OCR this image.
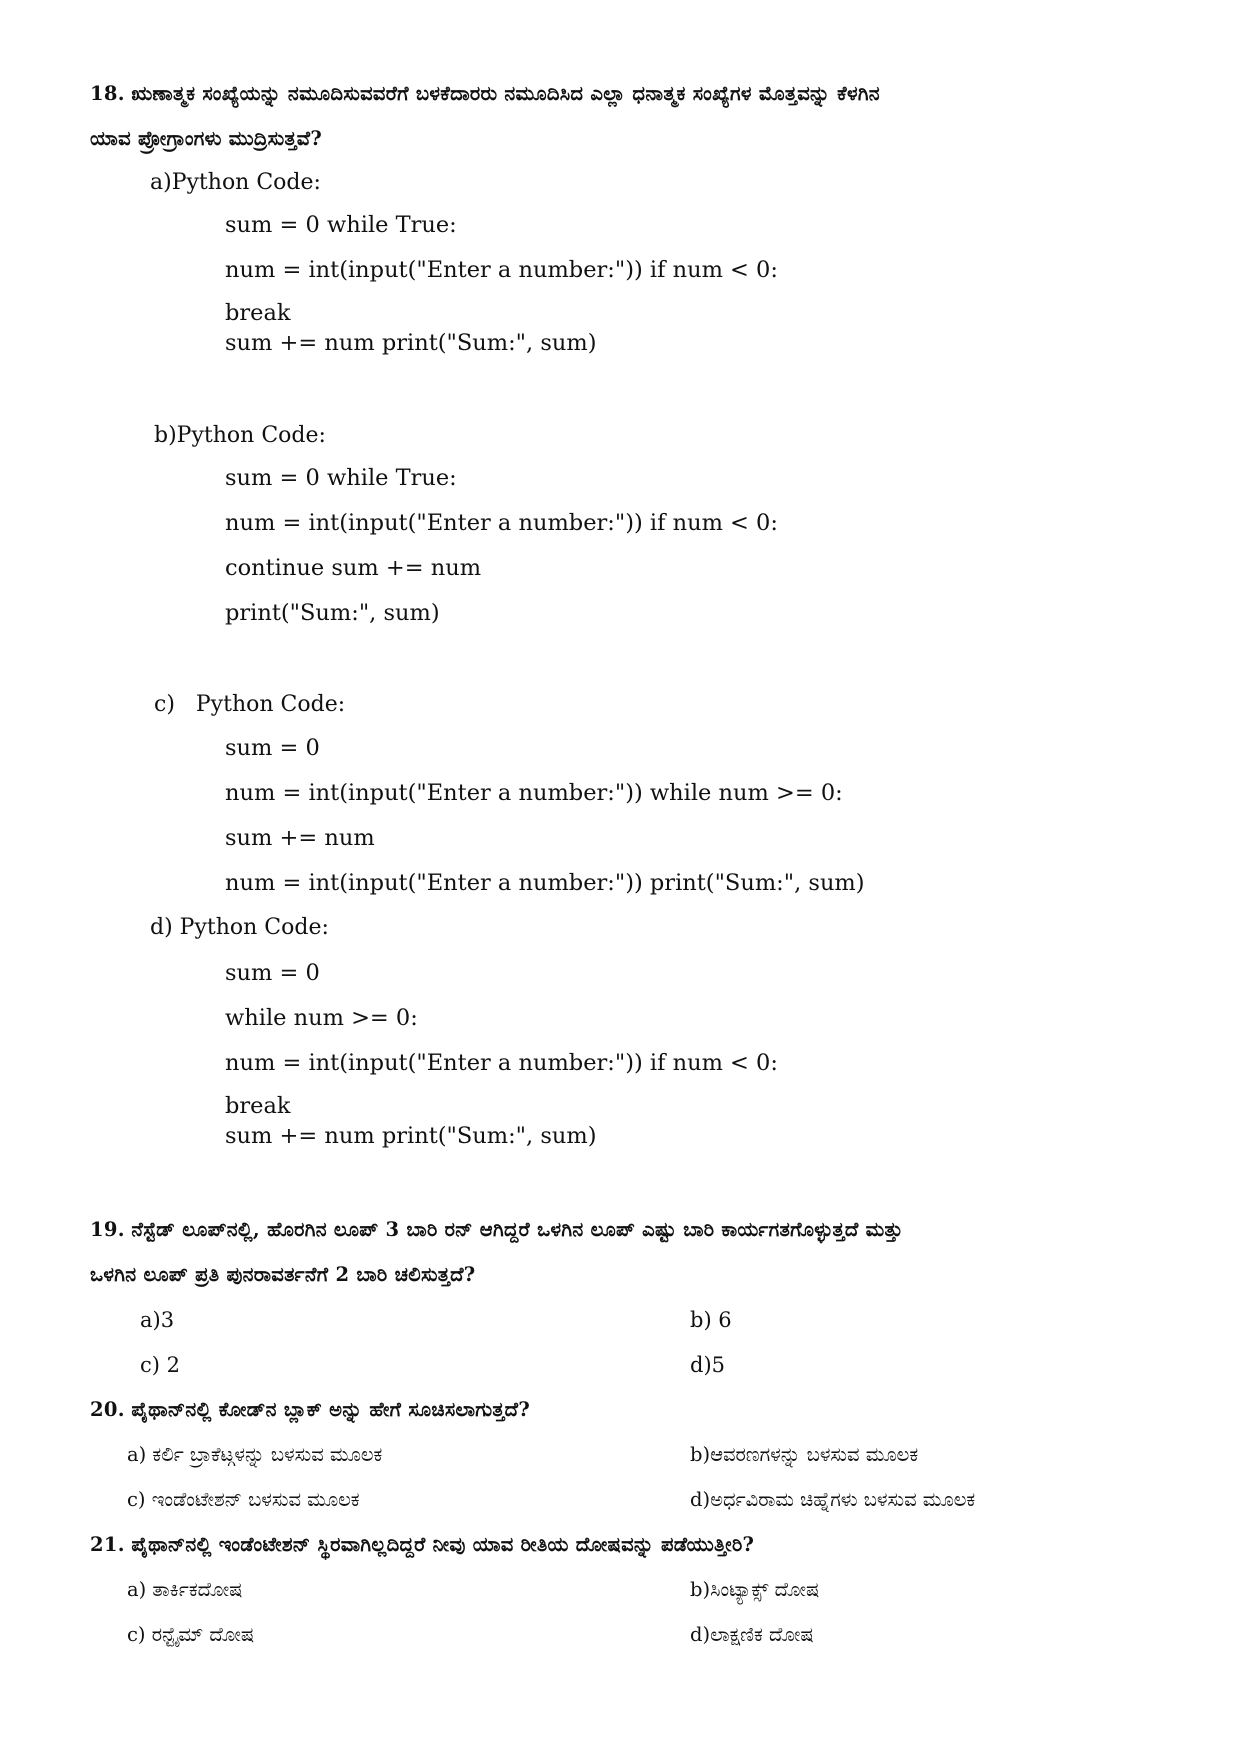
18. ಋಣಾತ್ಮಕ ಸಂಖ್ಯೆಯನ್ನು ನಮೂದಿಸುವವರೆಗೆ ಬಳಕೆದಾರರು ನಮೂದಿಸಿದ ಎಲ್ಲಾ ಧನಾತ್ಮಕ ಸಂಖ್ಯೆಗಳ ಮೊತ್ತವನ್ನು ಕೆಳಗಿನ
ಯಾವ ಪ್ರೋಗ್ರಾಂಗಳು ಮುದ್ರಿಸುತ್ತವೆ?
a)Python Code:
sum = 0 while True:
num = int(input("Enter a number:")) if num < 0:
break
sum += num print("Sum:", sum)
b)Python Code:
sum = 0 while True:
num = int(input("Enter a number:")) if num < 0:
continue sum += num
print("Sum:", sum)
c)   Python Code:
sum = 0
num = int(input("Enter a number:")) while num >= 0:
sum += num
num = int(input("Enter a number:")) print("Sum:", sum)
d) Python Code:
sum = 0
while num >= 0:
num = int(input("Enter a number:")) if num < 0:
break
sum += num print("Sum:", sum)
19. ನೆಸ್ಟೆಡ್ ಲೂಪ್‌ನಲ್ಲಿ, ಹೊರಗಿನ ಲೂಪ್ 3 ಬಾರಿ ರನ್ ಆಗಿದ್ದರೆ ಒಳಗಿನ ಲೂಪ್ ಎಷ್ಟು ಬಾರಿ ಕಾರ್ಯಗತಗೊಳ್ಳುತ್ತದೆ ಮತ್ತು
ಒಳಗಿನ ಲೂಪ್ ಪ್ರತಿ ಪುನರಾವರ್ತನೆಗೆ 2 ಬಾರಿ ಚಲಿಸುತ್ತದೆ?
a)3	b) 6
c) 2	d)5
20. ಪೈಥಾನ್‌ನಲ್ಲಿ ಕೋಡ್‌ನ ಬ್ಲಾಕ್ ಅನ್ನು ಹೇಗೆ ಸೂಚಿಸಲಾಗುತ್ತದೆ?
a) ಕರ್ಲಿ ಬ್ರಾಕೆಟ್ಗಳನ್ನು ಬಳಸುವ ಮೂಲಕ	b)ಆವರಣಗಳನ್ನು ಬಳಸುವ ಮೂಲಕ
c) ಇಂಡೆಂಟೇಶನ್ ಬಳಸುವ ಮೂಲಕ	d)ಅರ್ಧವಿರಾಮ ಚಿಹ್ನೆಗಳು ಬಳಸುವ ಮೂಲಕ
21. ಪೈಥಾನ್‌ನಲ್ಲಿ ಇಂಡೆಂಟೇಶನ್ ಸ್ಥಿರವಾಗಿಲ್ಲದಿದ್ದರೆ ನೀವು ಯಾವ ರೀತಿಯ ದೋಷವನ್ನು ಪಡೆಯುತ್ತೀರಿ?
a) ತಾರ್ಕಿಕದೋಷ	b)ಸಿಂಟ್ಯಾಕ್ಸ್ ದೋಷ
c) ರನ್ಟೈಮ್ ದೋಷ	d)ಲಾಕ್ಷಣಿಕ ದೋಷ
